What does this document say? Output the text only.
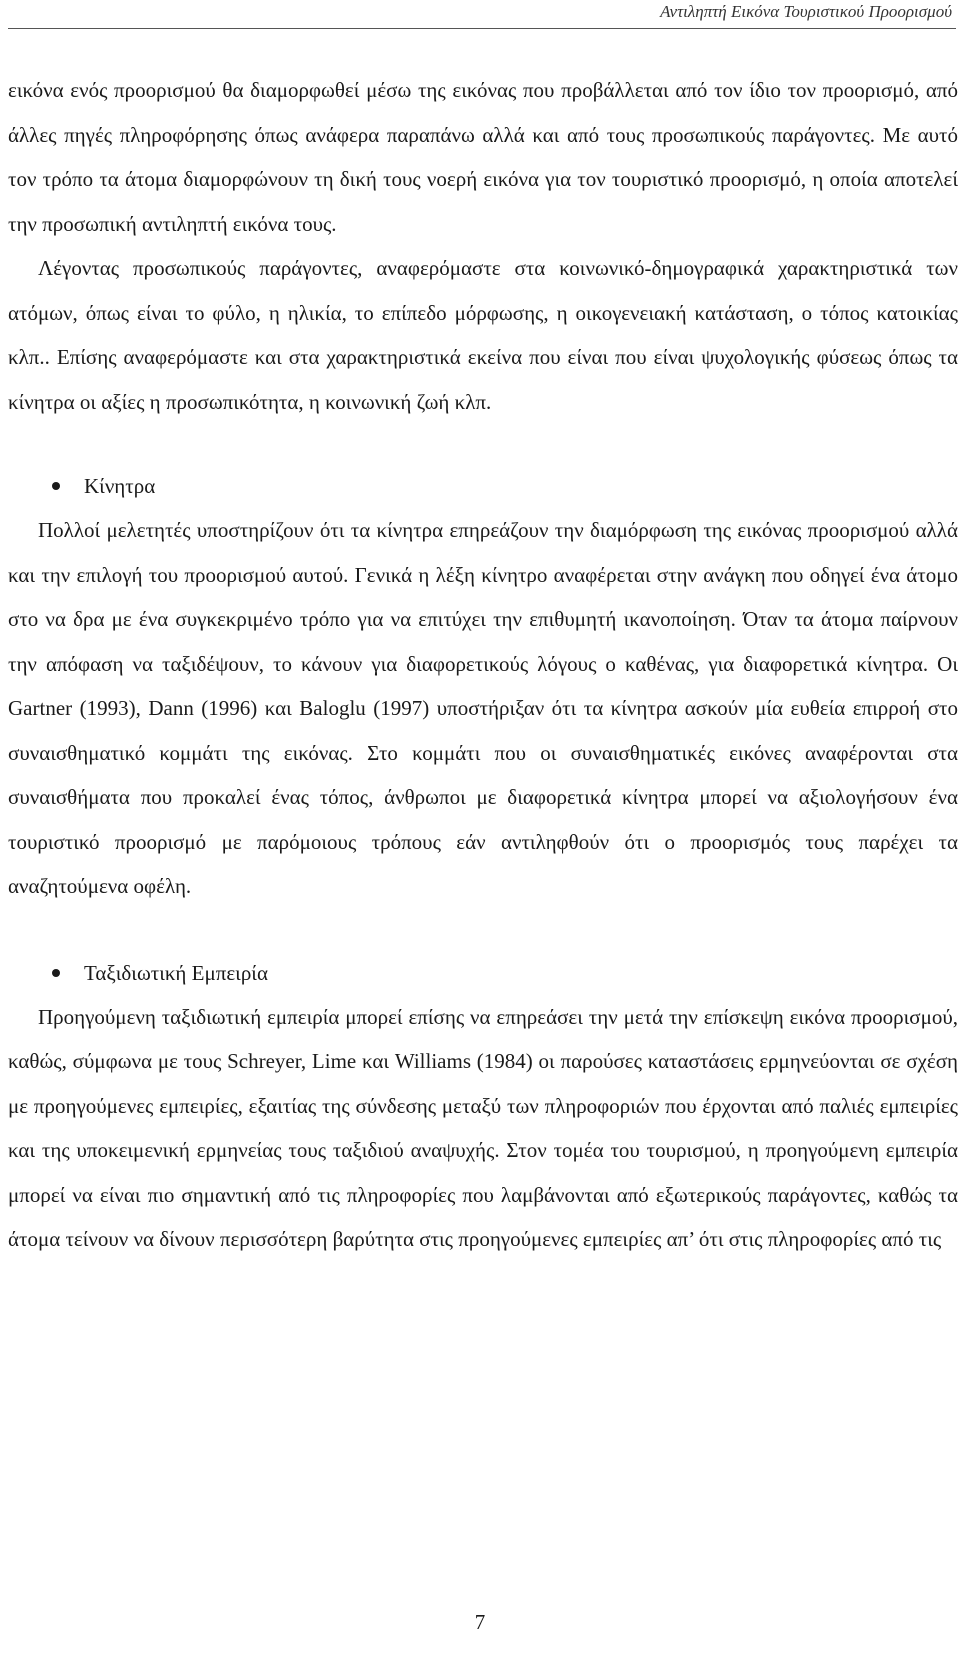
Αντιληπτή Εικόνα Τουριστικού Προορισμού

εικόνα ενός προορισμού θα διαμορφωθεί μέσω της εικόνας που προβάλλεται από τον ίδιο τον προορισμό, από άλλες πηγές πληροφόρησης όπως ανάφερα παραπάνω αλλά και από τους προσωπικούς παράγοντες. Με αυτό τον τρόπο τα άτομα διαμορφώνουν τη δική τους νοερή εικόνα για τον τουριστικό προορισμό, η οποία αποτελεί την προσωπική αντιληπτή εικόνα τους.

Λέγοντας προσωπικούς παράγοντες, αναφερόμαστε στα κοινωνικό-δημογραφικά χαρακτηριστικά των ατόμων, όπως είναι το φύλο, η ηλικία, το επίπεδο μόρφωσης, η οικογενειακή κατάσταση, ο τόπος κατοικίας κλπ.. Επίσης αναφερόμαστε και στα χαρακτηριστικά εκείνα που είναι που είναι ψυχολογικής φύσεως όπως τα κίνητρα οι αξίες η προσωπικότητα, η κοινωνική ζωή κλπ.

Κίνητρα

Πολλοί μελετητές υποστηρίζουν ότι τα κίνητρα επηρεάζουν την διαμόρφωση της εικόνας προορισμού αλλά και την επιλογή του προορισμού αυτού. Γενικά η λέξη κίνητρο αναφέρεται στην ανάγκη που οδηγεί ένα άτομο στο να δρα με ένα συγκεκριμένο τρόπο για να επιτύχει την επιθυμητή ικανοποίηση. Όταν τα άτομα παίρνουν την απόφαση να ταξιδέψουν, το κάνουν για διαφορετικούς λόγους ο καθένας, για διαφορετικά κίνητρα. Οι Gartner (1993), Dann (1996) και Baloglu (1997) υποστήριξαν ότι τα κίνητρα ασκούν μία ευθεία επιρροή στο συναισθηματικό κομμάτι της εικόνας. Στο κομμάτι που οι συναισθηματικές εικόνες αναφέρονται στα συναισθήματα που προκαλεί ένας τόπος, άνθρωποι με διαφορετικά κίνητρα μπορεί να αξιολογήσουν ένα τουριστικό προορισμό με παρόμοιους τρόπους εάν αντιληφθούν ότι ο προορισμός τους παρέχει τα αναζητούμενα οφέλη.

Ταξιδιωτική Εμπειρία

Προηγούμενη ταξιδιωτική εμπειρία μπορεί επίσης να επηρεάσει την μετά την επίσκεψη εικόνα προορισμού, καθώς, σύμφωνα με τους Schreyer, Lime και Williams (1984) οι παρούσες καταστάσεις ερμηνεύονται σε σχέση με προηγούμενες εμπειρίες, εξαιτίας της σύνδεσης μεταξύ των πληροφοριών που έρχονται από παλιές εμπειρίες και της υποκειμενική ερμηνείας τους ταξιδιού αναψυχής. Στον τομέα του τουρισμού, η προηγούμενη εμπειρία μπορεί να είναι πιο σημαντική από τις πληροφορίες που λαμβάνονται από εξωτερικούς παράγοντες, καθώς τα άτομα τείνουν να δίνουν περισσότερη βαρύτητα στις προηγούμενες εμπειρίες απ’ ότι στις πληροφορίες από τις

7
